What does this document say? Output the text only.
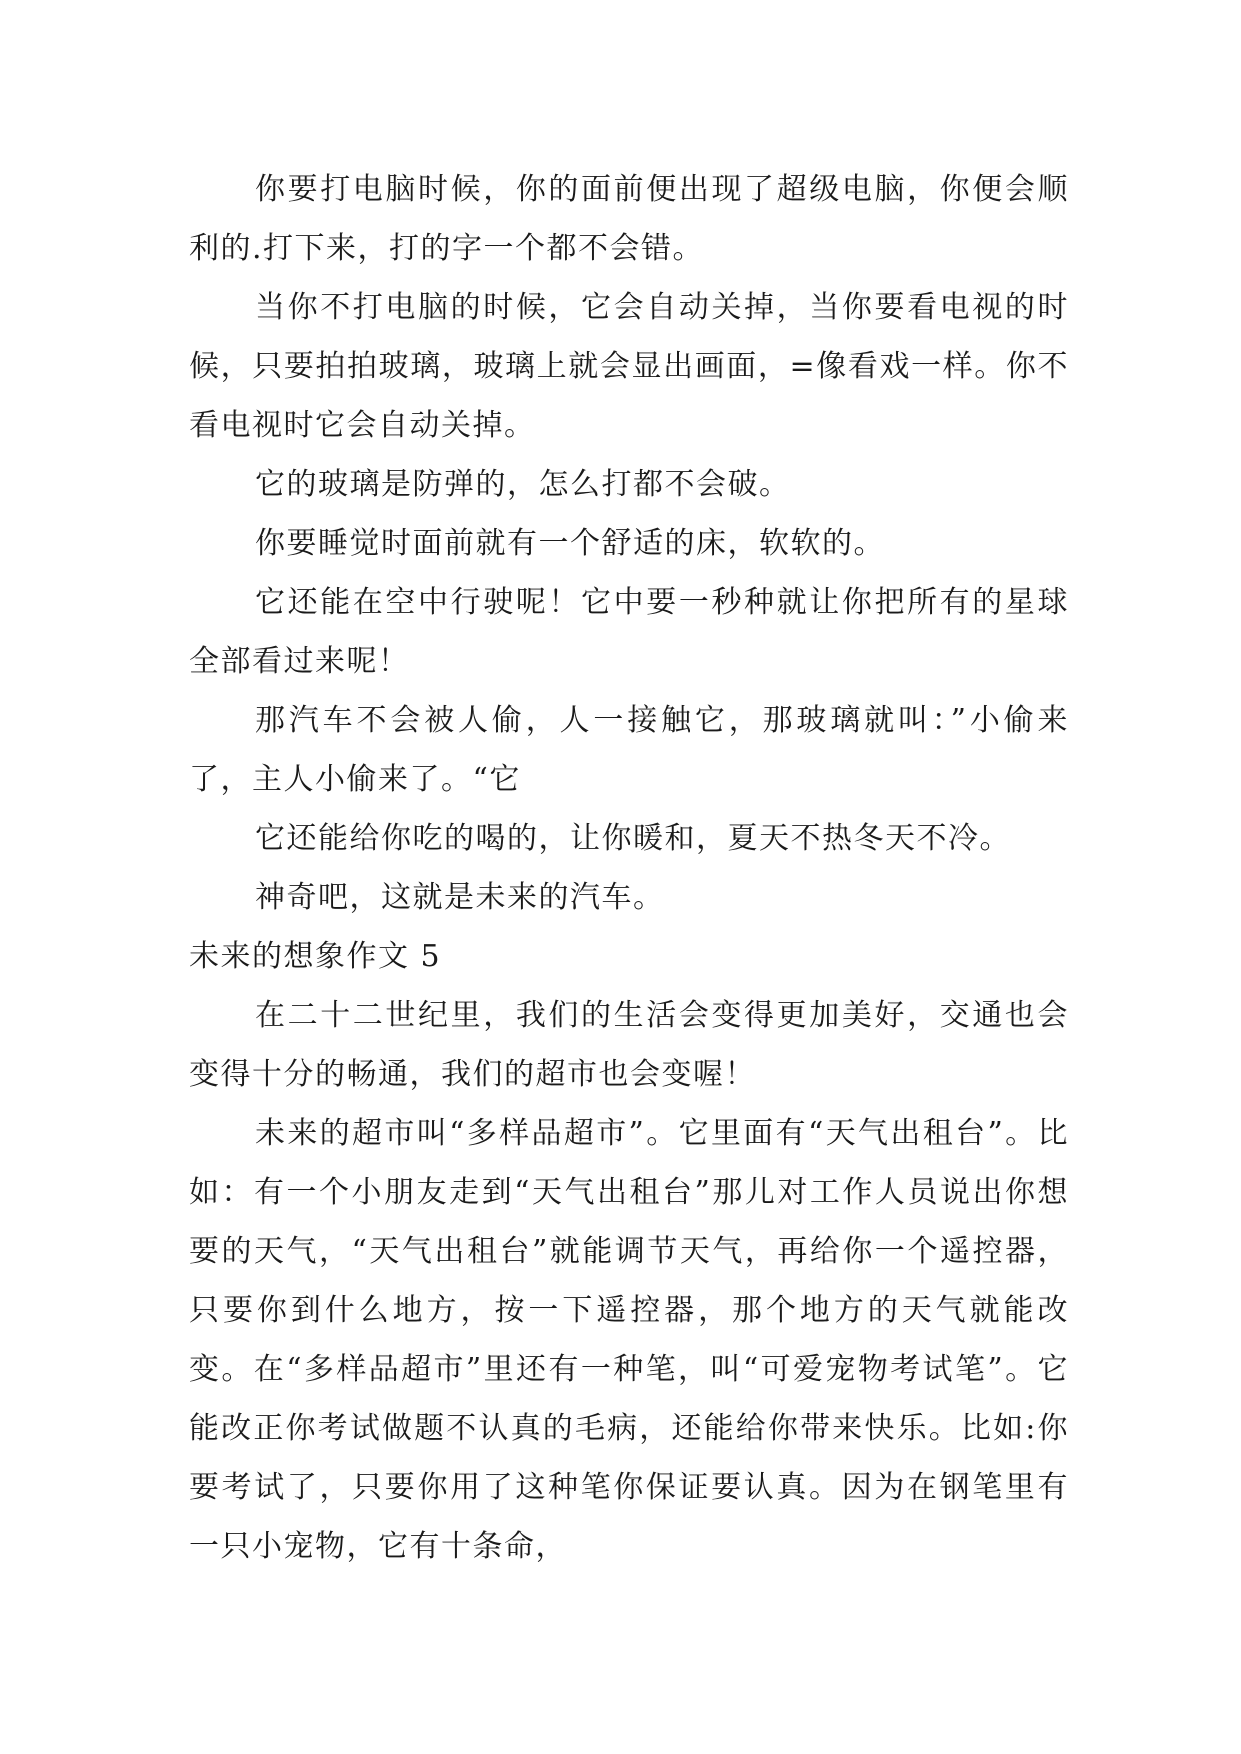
你要打电脑时候，你的面前便出现了超级电脑，你便会顺利的.打下来，打的字一个都不会错。

当你不打电脑的时候，它会自动关掉，当你要看电视的时候，只要拍拍玻璃，玻璃上就会显出画面，=像看戏一样。你不看电视时它会自动关掉。

它的玻璃是防弹的，怎么打都不会破。

你要睡觉时面前就有一个舒适的床，软软的。

它还能在空中行驶呢！它中要一秒种就让你把所有的星球全部看过来呢！

那汽车不会被人偷，人一接触它，那玻璃就叫：”小偷来了，主人小偷来了。“它

它还能给你吃的喝的，让你暖和，夏天不热冬天不冷。

神奇吧，这就是未来的汽车。

未来的想象作文 5

在二十二世纪里，我们的生活会变得更加美好，交通也会变得十分的畅通，我们的超市也会变喔！

未来的超市叫“多样品超市”。它里面有“天气出租台”。比如：有一个小朋友走到“天气出租台”那儿对工作人员说出你想要的天气，“天气出租台”就能调节天气，再给你一个遥控器，只要你到什么地方，按一下遥控器，那个地方的天气就能改变。在“多样品超市”里还有一种笔，叫“可爱宠物考试笔”。它能改正你考试做题不认真的毛病，还能给你带来快乐。比如:你要考试了，只要你用了这种笔你保证要认真。因为在钢笔里有一只小宠物，它有十条命，
